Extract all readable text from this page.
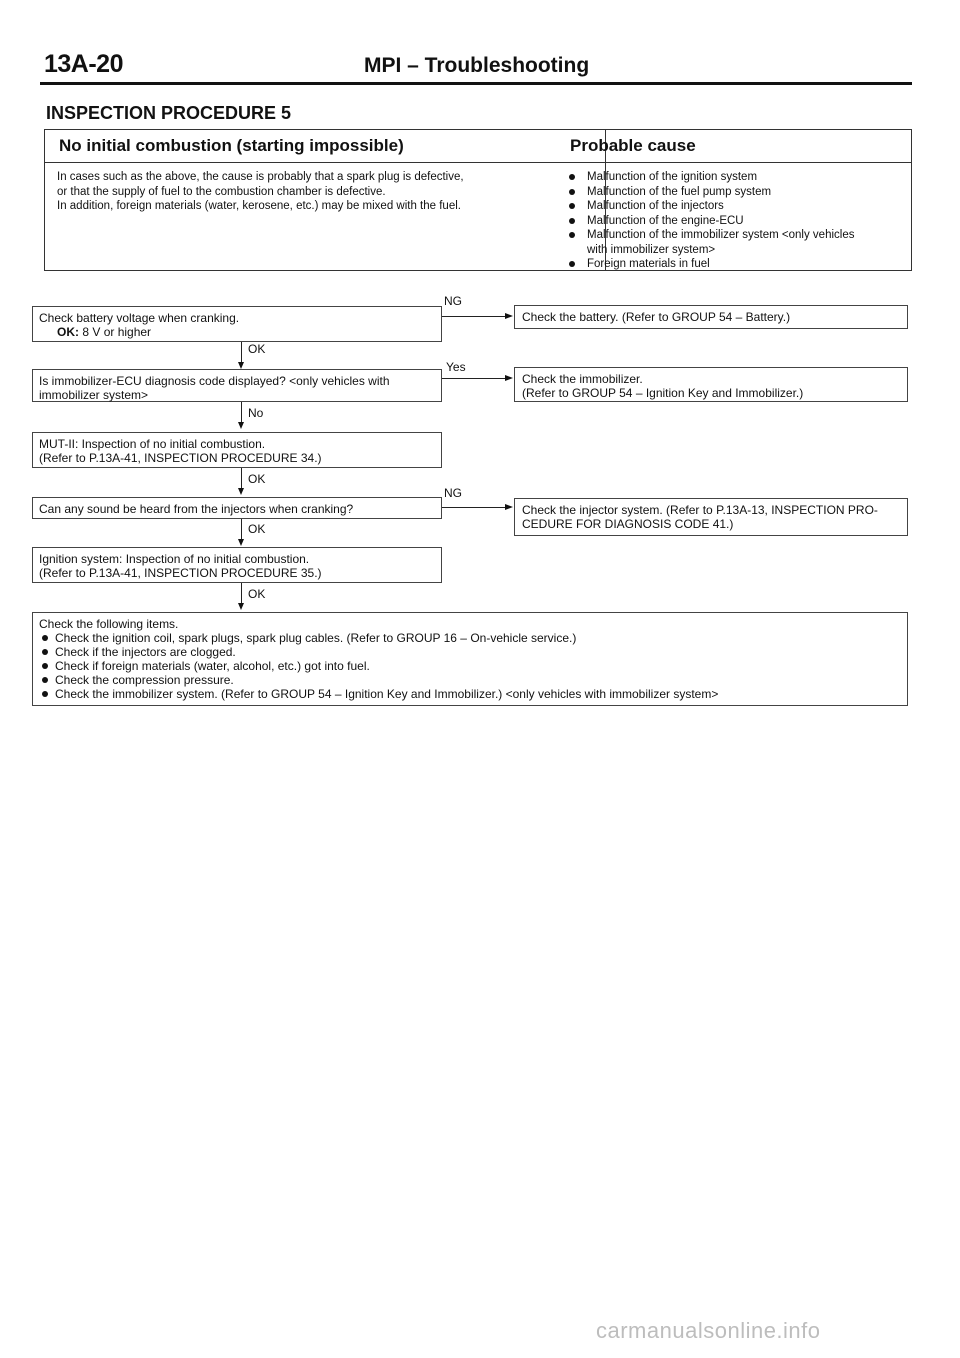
13A-20	MPI – Troubleshooting
INSPECTION PROCEDURE 5
No initial combustion (starting impossible)	Probable cause
In cases such as the above, the cause is probably that a spark plug is defective,
or that the supply of fuel to the combustion chamber is defective.
In addition, foreign materials (water, kerosene, etc.) may be mixed with the fuel.
Malfunction of the ignition system
Malfunction of the fuel pump system
Malfunction of the injectors
Malfunction of the engine-ECU
Malfunction of the immobilizer system <only vehicles
with immobilizer system>
Foreign materials in fuel
Check battery voltage when cranking.
OK: 8 V or higher
NG
Check the battery. (Refer to GROUP 54 – Battery.)
OK
Is immobilizer-ECU diagnosis code displayed? <only vehicles with
immobilizer system>
Yes
Check the immobilizer.
(Refer to GROUP 54 – Ignition Key and Immobilizer.)
No
MUT-II: Inspection of no initial combustion.
(Refer to P.13A-41, INSPECTION PROCEDURE 34.)
OK
Can any sound be heard from the injectors when cranking?
NG
Check the injector system. (Refer to P.13A-13, INSPECTION PRO-
CEDURE FOR DIAGNOSIS CODE 41.)
OK
Ignition system: Inspection of no initial combustion.
(Refer to P.13A-41, INSPECTION PROCEDURE 35.)
OK
Check the following items.
Check the ignition coil, spark plugs, spark plug cables. (Refer to GROUP 16 – On-vehicle service.)
Check if the injectors are clogged.
Check if foreign materials (water, alcohol, etc.) got into fuel.
Check the compression pressure.
Check the immobilizer system. (Refer to GROUP 54 – Ignition Key and Immobilizer.) <only vehicles with immobilizer system>
carmanualsonline.info
